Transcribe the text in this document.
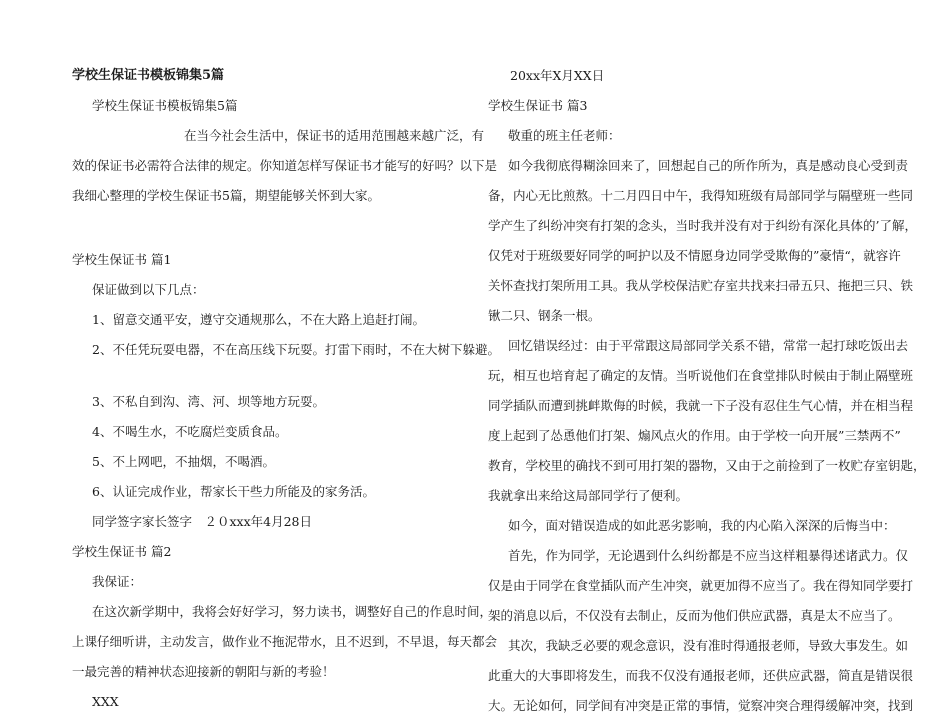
学校生保证书模板锦集5篇
学校生保证书模板锦集5篇
在当今社会生活中，保证书的适用范围越来越广泛，有
效的保证书必需符合法律的规定。你知道怎样写保证书才能写的好吗？以下是
我细心整理的学校生保证书5篇，期望能够关怀到大家。
学校生保证书 篇1
保证做到以下几点：
1、留意交通平安，遵守交通规那么，不在大路上追赶打闹。
2、不任凭玩耍电器，不在高压线下玩耍。打雷下雨时，不在大树下躲避。
3、不私自到沟、湾、河、坝等地方玩耍。
4、不喝生水，不吃腐烂变质食品。
5、不上网吧，不抽烟，不喝酒。
6、认证完成作业，帮家长干些力所能及的家务活。
同学签字家长签字　２０xxx年4月28日
学校生保证书 篇2
我保证：
在这次新学期中，我将会好好学习，努力读书，调整好自己的作息时间，
上课仔细听讲，主动发言，做作业不拖泥带水，且不迟到，不早退，每天都会
一最完善的精神状态迎接新的朝阳与新的考验！
XXX
20xx年X月XX日
学校生保证书 篇3
敬重的班主任老师：
如今我彻底得糊涂回来了，回想起自己的所作所为，真是感动良心受到责
备，内心无比煎熬。十二月四日中午，我得知班级有局部同学与隔壁班一些同
学产生了纠纷冲突有打架的念头，当时我并没有对于纠纷有深化具体的’了解，
仅凭对于班级要好同学的呵护以及不情愿身边同学受欺侮的”豪情“，就容许
关怀查找打架所用工具。我从学校保洁贮存室共找来扫帚五只、拖把三只、铁
锹二只、钢条一根。
回忆错误经过：由于平常跟这局部同学关系不错，常常一起打球吃饭出去
玩，相互也培育起了确定的友情。当听说他们在食堂排队时候由于制止隔壁班
同学插队而遭到挑衅欺侮的时候，我就一下子没有忍住生气心情，并在相当程
度上起到了怂恿他们打架、煽风点火的作用。由于学校一向开展”三禁两不”
教育，学校里的确找不到可用打架的器物，又由于之前捡到了一枚贮存室钥匙，
我就拿出来给这局部同学行了便利。
如今，面对错误造成的如此恶劣影响，我的内心陷入深深的后悔当中：
首先，作为同学，无论遇到什么纠纷都是不应当这样粗暴得述诸武力。仅
仅是由于同学在食堂插队而产生冲突，就更加得不应当了。我在得知同学要打
架的消息以后，不仅没有去制止，反而为他们供应武器，真是太不应当了。
其次，我缺乏必要的观念意识，没有准时得通报老师，导致大事发生。如
此重大的大事即将发生，而我不仅没有通报老师，还供应武器，简直是错误很
大。无论如何，同学间有冲突是正常的事情，觉察冲突合理得缓解冲突，找到
